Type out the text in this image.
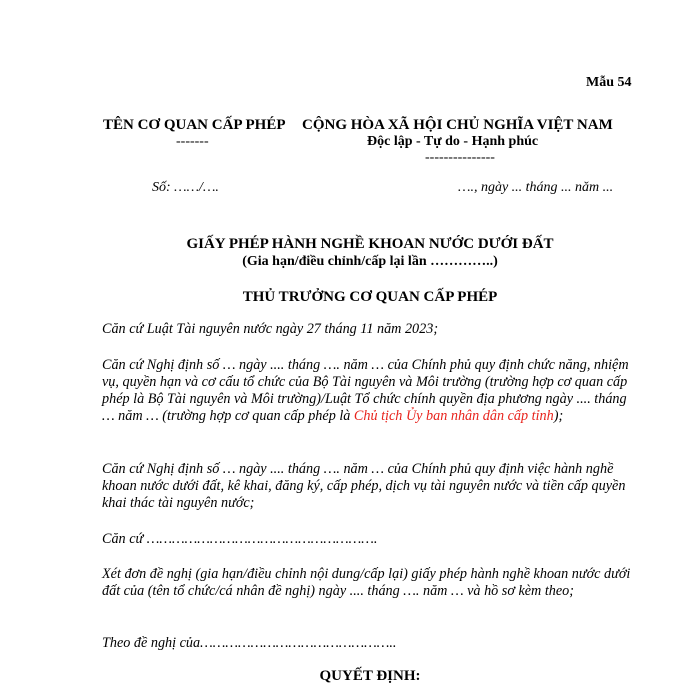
Mẫu 54
TÊN CƠ QUAN CẤP PHÉP
-------
CỘNG HÒA XÃ HỘI CHỦ NGHĨA VIỆT NAM
Độc lập - Tự do - Hạnh phúc
---------------
Số: ……/….	…., ngày ... tháng ... năm ...
GIẤY PHÉP HÀNH NGHỀ KHOAN NƯỚC DƯỚI ĐẤT
(Gia hạn/điều chỉnh/cấp lại lần …………..)
THỦ TRƯỞNG CƠ QUAN CẤP PHÉP
Căn cứ Luật Tài nguyên nước ngày 27 tháng 11 năm 2023;
Căn cứ Nghị định số … ngày .... tháng …. năm … của Chính phủ quy định chức năng, nhiệm vụ, quyền hạn và cơ cấu tổ chức của Bộ Tài nguyên và Môi trường (trường hợp cơ quan cấp phép là Bộ Tài nguyên và Môi trường)/Luật Tổ chức chính quyền địa phương ngày .... tháng … năm … (trường hợp cơ quan cấp phép là Chủ tịch Ủy ban nhân dân cấp tỉnh);
Căn cứ Nghị định số … ngày .... tháng …. năm … của Chính phủ quy định việc hành nghề khoan nước dưới đất, kê khai, đăng ký, cấp phép, dịch vụ tài nguyên nước và tiền cấp quyền khai thác tài nguyên nước;
Căn cứ ……………………………………………….
Xét đơn đề nghị (gia hạn/điều chỉnh nội dung/cấp lại) giấy phép hành nghề khoan nước dưới đất của (tên tổ chức/cá nhân đề nghị) ngày .... tháng …. năm … và hồ sơ kèm theo;
Theo đề nghị của………………………………………..
QUYẾT ĐỊNH:
